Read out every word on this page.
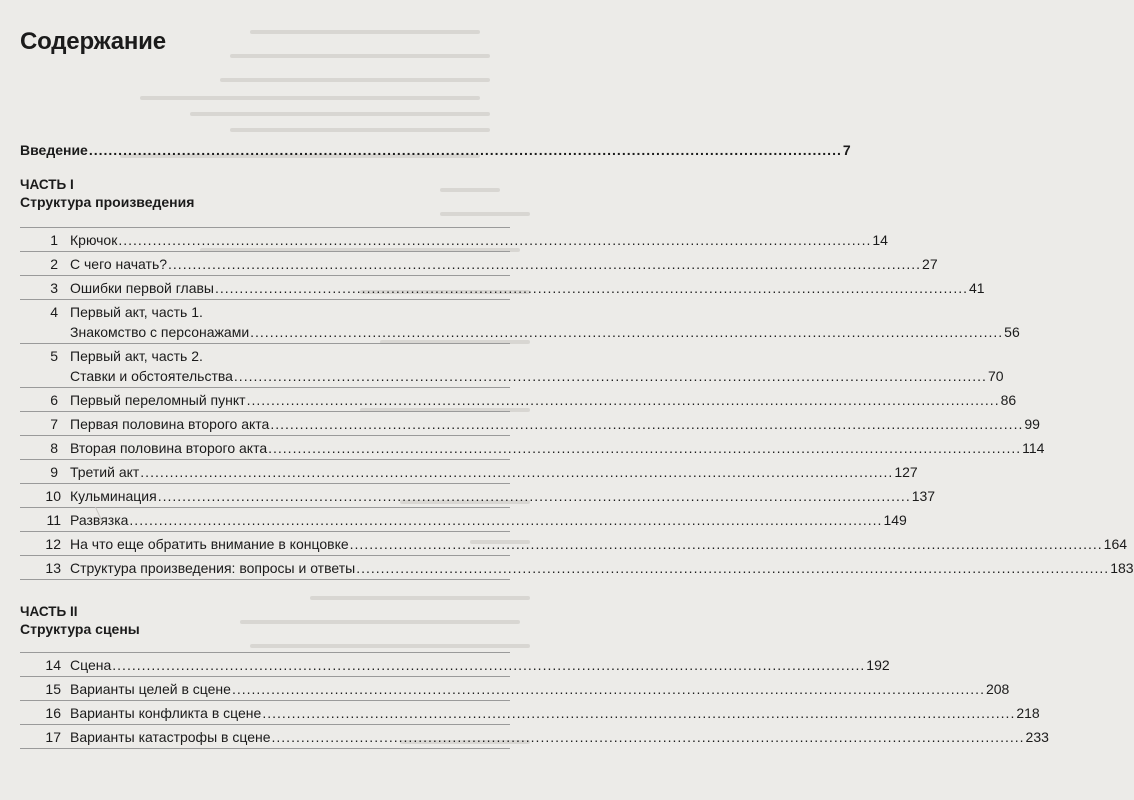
Содержание
Введение .....	7
ЧАСТЬ I
Структура произведения
1 Крючок .....	14
2 С чего начать? .....	27
3 Ошибки первой главы .....	41
4 Первый акт, часть 1.
Знакомство с персонажами .....	56
5 Первый акт, часть 2.
Ставки и обстоятельства .....	70
6 Первый переломный пункт .....	86
7 Первая половина второго акта .....	99
8 Вторая половина второго акта .....	114
9 Третий акт .....	127
10 Кульминация .....	137
11 Развязка .....	149
12 На что еще обратить внимание в концовке .....	164
13 Структура произведения: вопросы и ответы .....	183
ЧАСТЬ II
Структура сцены
14 Сцена .....	192
15 Варианты целей в сцене .....	208
16 Варианты конфликта в сцене .....	218
17 Варианты катастрофы в сцене .....	233
